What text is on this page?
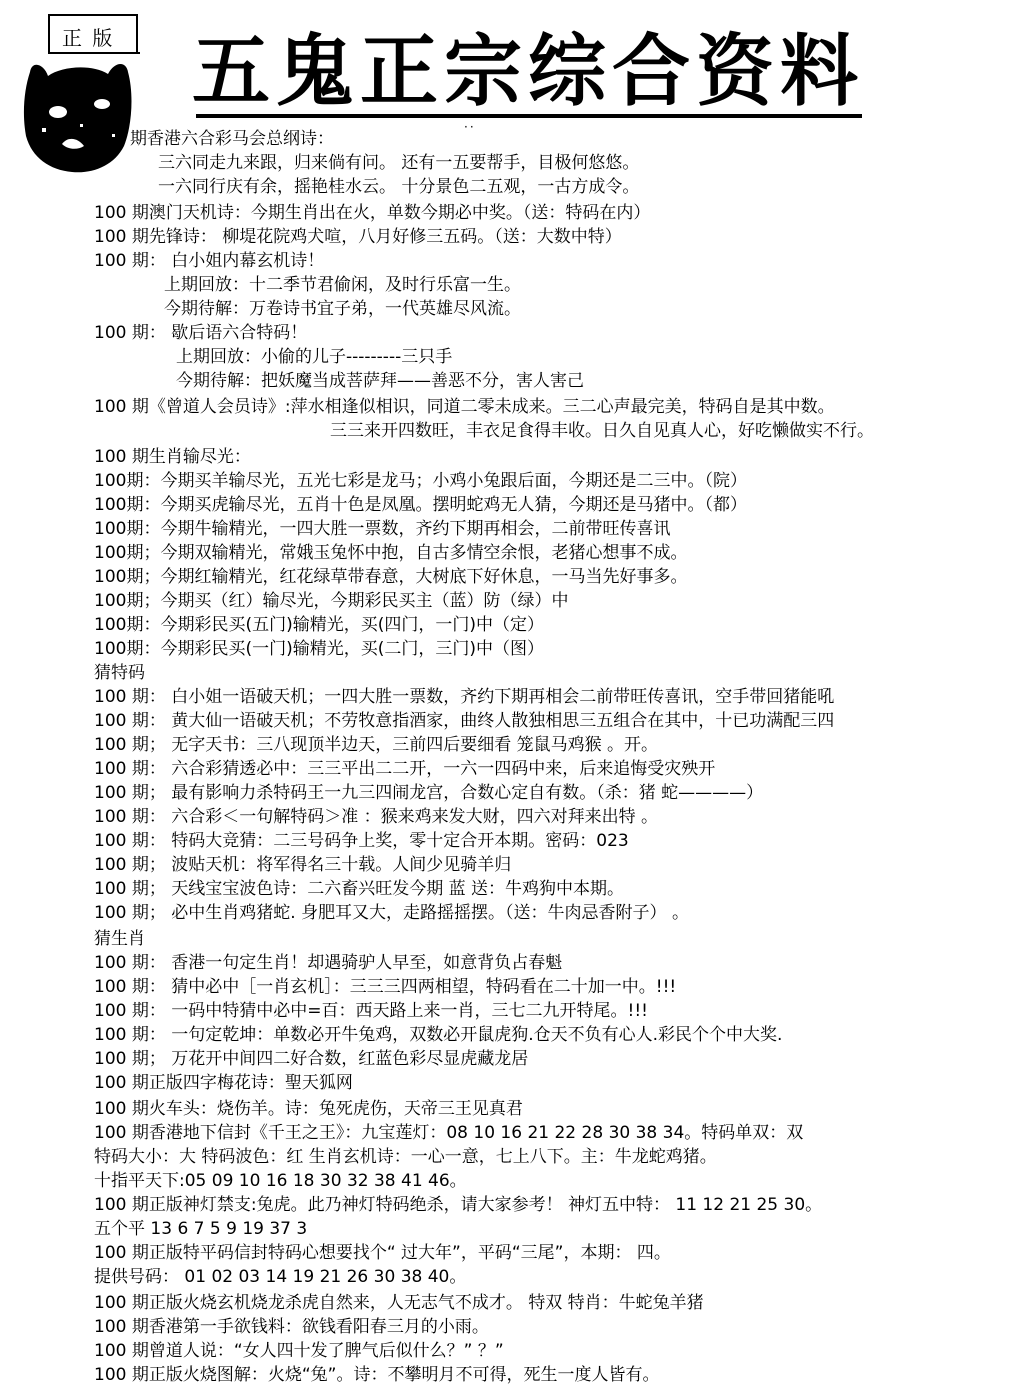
正 版 五鬼正宗综合资料
··
期香港六合彩马会总纲诗：
三六同走九来跟，归来倘有问。 还有一五要帮手，目极何悠悠。
一六同行庆有余，摇艳桂水云。 十分景色二五观，一古方成令。
100 期澳门天机诗：今期生肖出在火，单数今期必中奖。（送：特码在内）
100 期先锋诗： 柳堤花院鸡犬喧，八月好修三五码。（送：大数中特）
100 期： 白小姐内幕玄机诗！
上期回放：十二季节君偷闲，及时行乐富一生。
今期待解：万卷诗书宜子弟，一代英雄尽风流。
100 期： 歇后语六合特码！
上期回放：小偷的儿子---------三只手
今期待解：把妖魔当成菩萨拜——善恶不分，害人害己
100 期《曾道人会员诗》:萍水相逢似相识，同道二零未成来。三二心声最完美，特码自是其中数。
三三来开四数旺，丰衣足食得丰收。日久自见真人心，好吃懒做实不行。
100 期生肖输尽光：
100期：今期买羊输尽光，五光七彩是龙马；小鸡小兔跟后面，今期还是二三中。（院）
100期：今期买虎输尽光，五肖十色是凤凰。摆明蛇鸡无人猜，今期还是马猪中。（都）
100期：今期牛输精光，一四大胜一票数，齐约下期再相会，二前带旺传喜讯
100期；今期双输精光，常娥玉兔怀中抱，自古多情空余恨，老猪心想事不成。
100期；今期红输精光，红花绿草带春意，大树底下好休息，一马当先好事多。
100期；今期买（红）输尽光，今期彩民买主（蓝）防（绿）中
100期：今期彩民买(五门)输精光，买(四门，一门)中（定）
100期：今期彩民买(一门)输精光，买(二门，三门)中（图）
猜特码
100 期： 白小姐一语破天机；一四大胜一票数，齐约下期再相会二前带旺传喜讯，空手带回猪能吼
100 期： 黄大仙一语破天机；不劳牧意指酒家，曲终人散独相思三五组合在其中，十已功满配三四
100 期； 无字天书：三八现顶半边天，三前四后要细看 笼鼠马鸡猴 。开。
100 期： 六合彩猜透必中：三三平出二二开，一六一四码中来，后来追悔受灾殃开
100 期； 最有影响力杀特码王一九三四闹龙宫，合数心定自有数。（杀：猪 蛇————）
100 期： 六合彩＜一句解特码＞准 ：猴来鸡来发大财，四六对拜来出特 。
100 期： 特码大竞猜：二三号码争上奖，零十定合开本期。密码：023
100 期； 波贴天机：将军得名三十载。人间少见骑羊归
100 期； 天线宝宝波色诗：二六畜兴旺发今期 蓝 送：牛鸡狗中本期。
100 期； 必中生肖鸡猪蛇. 身肥耳又大，走路摇摇摆。（送：牛肉忌香附子） 。
猜生肖
100 期： 香港一句定生肖！却遇骑驴人早至，如意背负占春魁
100 期： 猜中必中［一肖玄机］：三三三四两相望，特码看在二十加一中。!!!
100 期： 一码中特猜中必中=百：西天路上来一肖，三七二九开特尾。!!!
100 期： 一句定乾坤：单数必开牛兔鸡，双数必开鼠虎狗.仓天不负有心人.彩民个个中大奖.
100 期； 万花开中间四二好合数，红蓝色彩尽显虎藏龙居
100 期正版四字梅花诗：聖天狐网
100 期火车头：烧伤羊。诗：兔死虎伤，天帝三王见真君
100 期香港地下信封《千王之王》：九宝莲灯：08 10 16 21 22 28 30 38 34。特码单双：双
特码大小：大 特码波色：红 生肖玄机诗：一心一意，七上八下。主：牛龙蛇鸡猪。
十指平天下:05 09 10 16 18 30 32 38 41 46。
100 期正版神灯禁支:兔虎。此乃神灯特码绝杀，请大家参考！ 神灯五中特： 11 12 21 25 30。
五个平 13 6 7 5 9 19 37 3
100 期正版特平码信封特码心想要找个“ 过大年”，平码“三尾”，本期： 四。
提供号码： 01 02 03 14 19 21 26 30 38 40。
100 期正版火烧玄机烧龙杀虎自然来，人无志气不成才。 特双 特肖：牛蛇兔羊猪
100 期香港第一手欲钱料：欲钱看阳春三月的小雨。
100 期曾道人说：“女人四十发了脾气后似什么？” ？”
100 期正版火烧图解：火烧“兔”。诗：不攀明月不可得，死生一度人皆有。
